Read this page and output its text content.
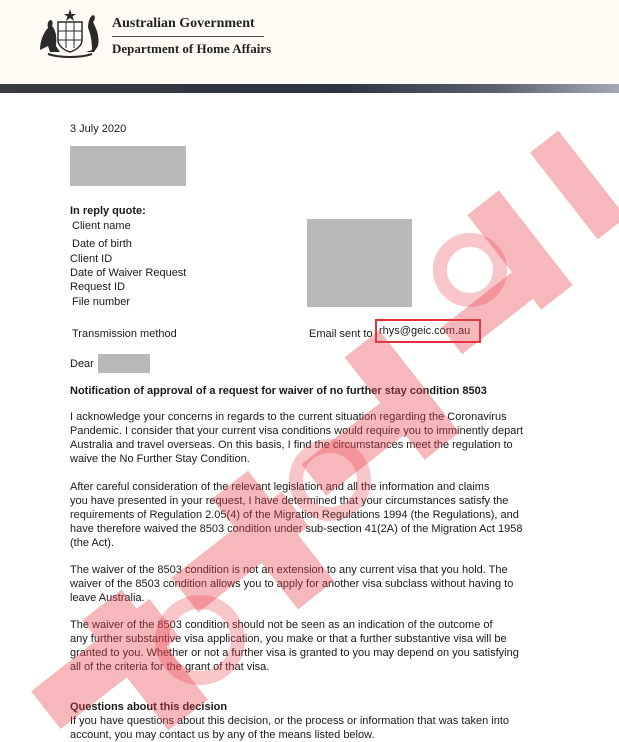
Australian Government
Department of Home Affairs
3 July 2020
In reply quote:
Client name
Date of birth
Client ID
Date of Waiver Request
Request ID
File number
Transmission method	Email sent to rhys@geic.com.au
Dear
Notification of approval of a request for waiver of no further stay condition 8503
I acknowledge your concerns in regards to the current situation regarding the Coronavirus
Pandemic. I consider that your current visa conditions would require you to imminently depart
Australia and travel overseas. On this basis, I find the circumstances meet the regulation to
waive the No Further Stay Condition.
After careful consideration of the relevant legislation and all the information and claims
you have presented in your request, I have determined that your circumstances satisfy the
requirements of Regulation 2.05(4) of the Migration Regulations 1994 (the Regulations), and
have therefore waived the 8503 condition under sub-section 41(2A) of the Migration Act 1958
(the Act).
The waiver of the 8503 condition is not an extension to any current visa that you hold. The
waiver of the 8503 condition allows you to apply for another visa subclass without having to
leave Australia.
The waiver of the 8503 condition should not be seen as an indication of the outcome of
any further substantive visa application, you make or that a further substantive visa will be
granted to you. Whether or not a further visa is granted to you may depend on you satisfying
all of the criteria for the grant of that visa.
Questions about this decision
If you have questions about this decision, or the process or information that was taken into
account, you may contact us by any of the means listed below.
